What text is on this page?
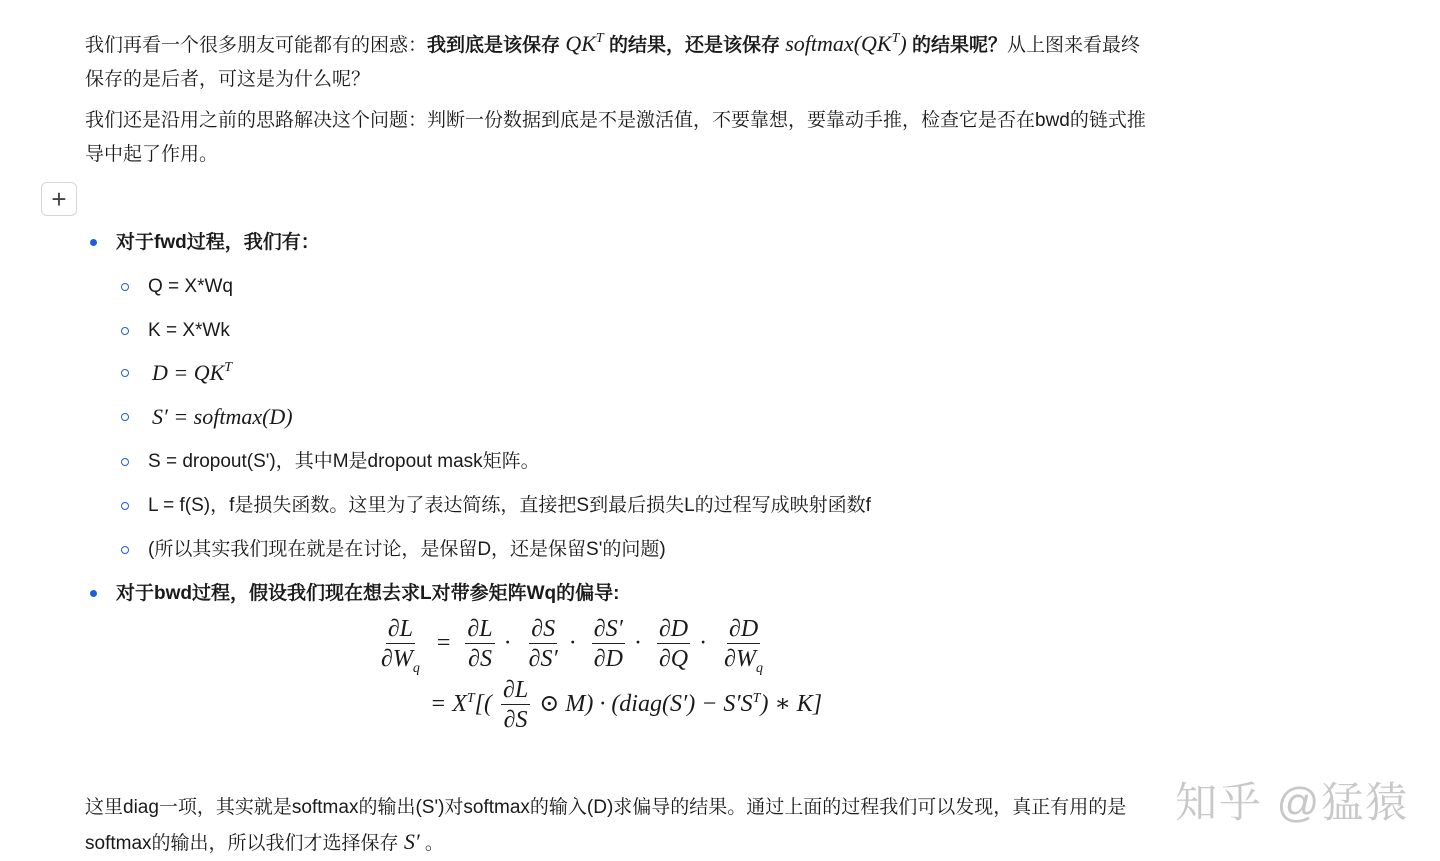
我们再看一个很多朋友可能都有的困惑：我到底是该保存 $QK^T$ 的结果，还是该保存 $softmax(QK^T)$ 的结果呢？从上图来看最终保存的是后者，可这是为什么呢？
我们还是沿用之前的思路解决这个问题：判断一份数据到底是不是激活值，不要靠想，要靠动手推，检查它是否在bwd的链式推导中起了作用。
+
对于fwd过程，我们有：
Q = X*Wq
K = X*Wk
$D = QK^T$
S′ = softmax(D)
S = dropout(S')，其中M是dropout mask矩阵。
L = f(S)，f是损失函数。这里为了表达简练，直接把S到最后损失L的过程写成映射函数f
(所以其实我们现在就是在讨论，是保留D，还是保留S'的问题)
对于bwd过程，假设我们现在想去求L对带参矩阵Wq的偏导:
$\frac{\partial L}{\partial W_q} = \frac{\partial L}{\partial S} \cdot \frac{\partial S}{\partial S'} \cdot \frac{\partial S'}{\partial D} \cdot \frac{\partial D}{\partial Q} \cdot \frac{\partial D}{\partial W_q}$
= $X^T[( \frac{\partial L}{\partial S}$ ⊙ M) · (diag(S′) − $S'S^T$) ∗ K]
这里diag一项，其实就是softmax的输出(S')对softmax的输入(D)求偏导的结果。通过上面的过程我们可以发现，真正有用的是softmax的输出，所以我们才选择保存 S′ 。
知乎 @猛猿
